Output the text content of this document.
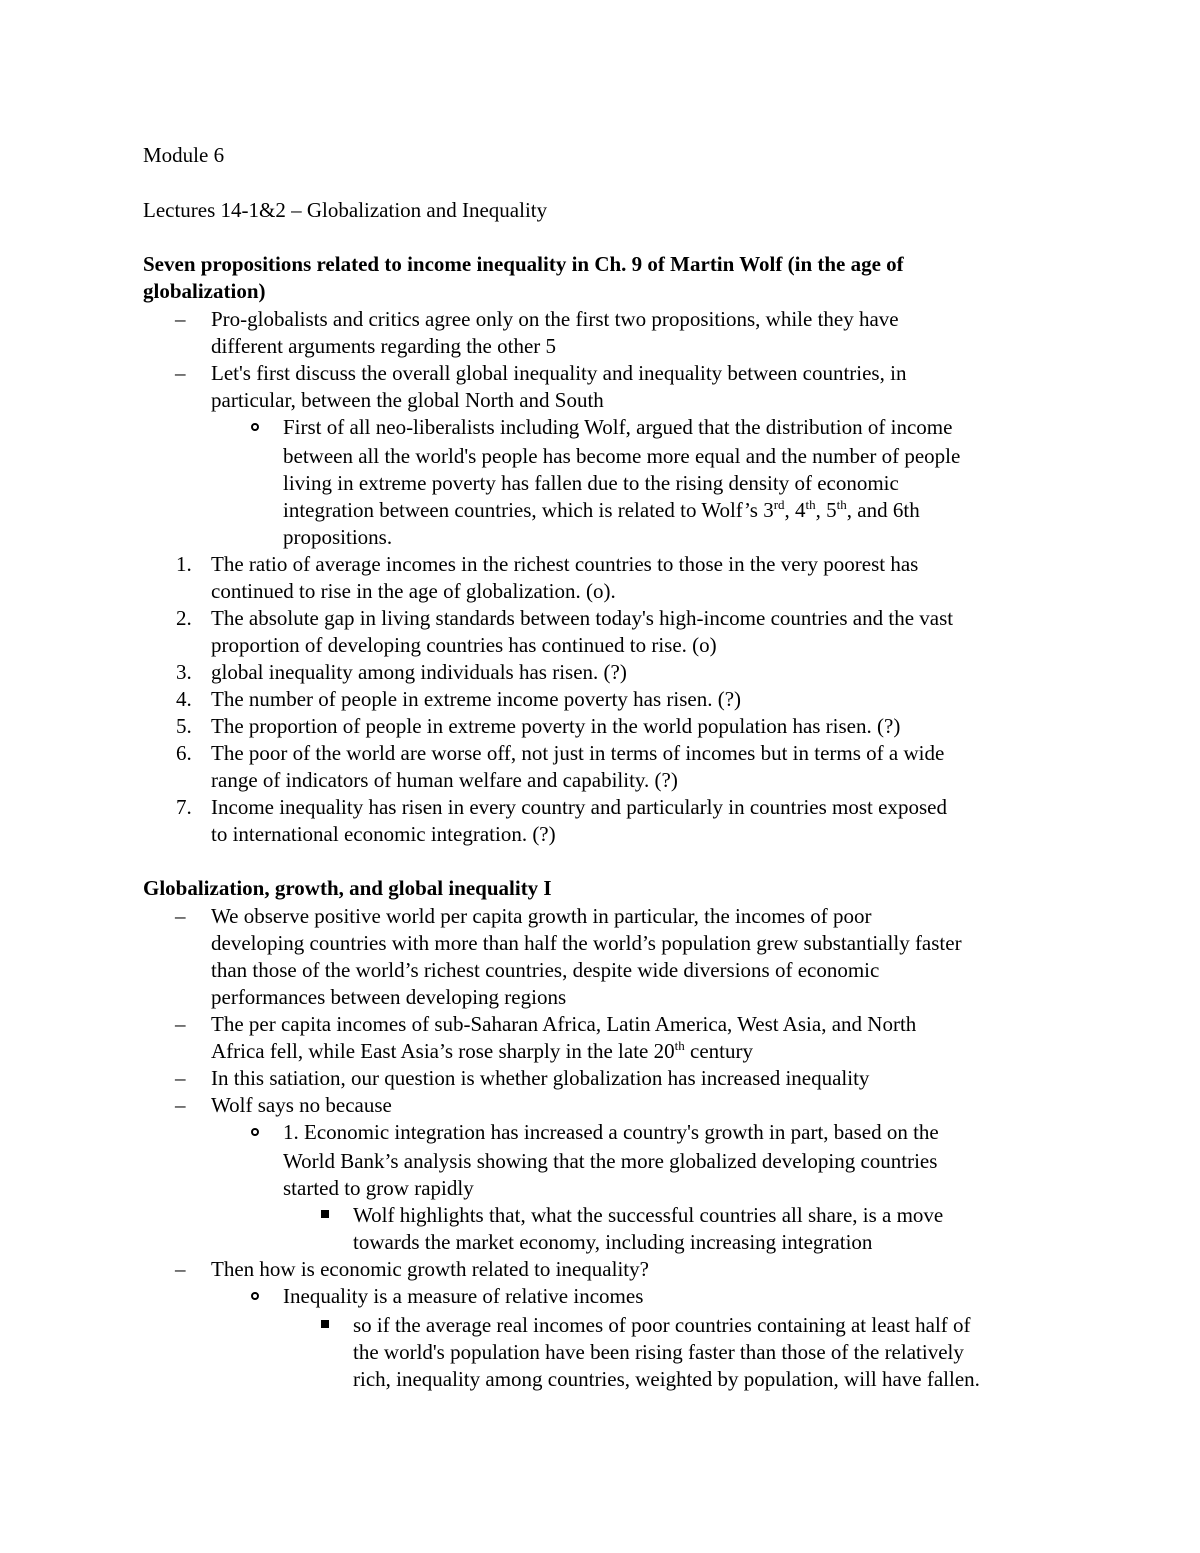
Module 6
Lectures 14-1&2 – Globalization and Inequality
Seven propositions related to income inequality in Ch. 9 of Martin Wolf (in the age of
globalization)
– Pro-globalists and critics agree only on the first two propositions, while they have
different arguments regarding the other 5
– Let's first discuss the overall global inequality and inequality between countries, in
particular, between the global North and South
First of all neo-liberalists including Wolf, argued that the distribution of income
between all the world's people has become more equal and the number of people
living in extreme poverty has fallen due to the rising density of economic
integration between countries, which is related to Wolf’s 3rd, 4th, 5th, and 6th
propositions.
1. The ratio of average incomes in the richest countries to those in the very poorest has
continued to rise in the age of globalization. (o).
2. The absolute gap in living standards between today's high-income countries and the vast
proportion of developing countries has continued to rise. (o)
3. global inequality among individuals has risen. (?)
4. The number of people in extreme income poverty has risen. (?)
5. The proportion of people in extreme poverty in the world population has risen. (?)
6. The poor of the world are worse off, not just in terms of incomes but in terms of a wide
range of indicators of human welfare and capability. (?)
7. Income inequality has risen in every country and particularly in countries most exposed
to international economic integration. (?)
Globalization, growth, and global inequality I
– We observe positive world per capita growth in particular, the incomes of poor
developing countries with more than half the world’s population grew substantially faster
than those of the world’s richest countries, despite wide diversions of economic
performances between developing regions
– The per capita incomes of sub-Saharan Africa, Latin America, West Asia, and North
Africa fell, while East Asia’s rose sharply in the late 20th century
– In this satiation, our question is whether globalization has increased inequality
– Wolf says no because
1. Economic integration has increased a country's growth in part, based on the
World Bank’s analysis showing that the more globalized developing countries
started to grow rapidly
Wolf highlights that, what the successful countries all share, is a move
towards the market economy, including increasing integration
– Then how is economic growth related to inequality?
Inequality is a measure of relative incomes
so if the average real incomes of poor countries containing at least half of
the world's population have been rising faster than those of the relatively
rich, inequality among countries, weighted by population, will have fallen.
